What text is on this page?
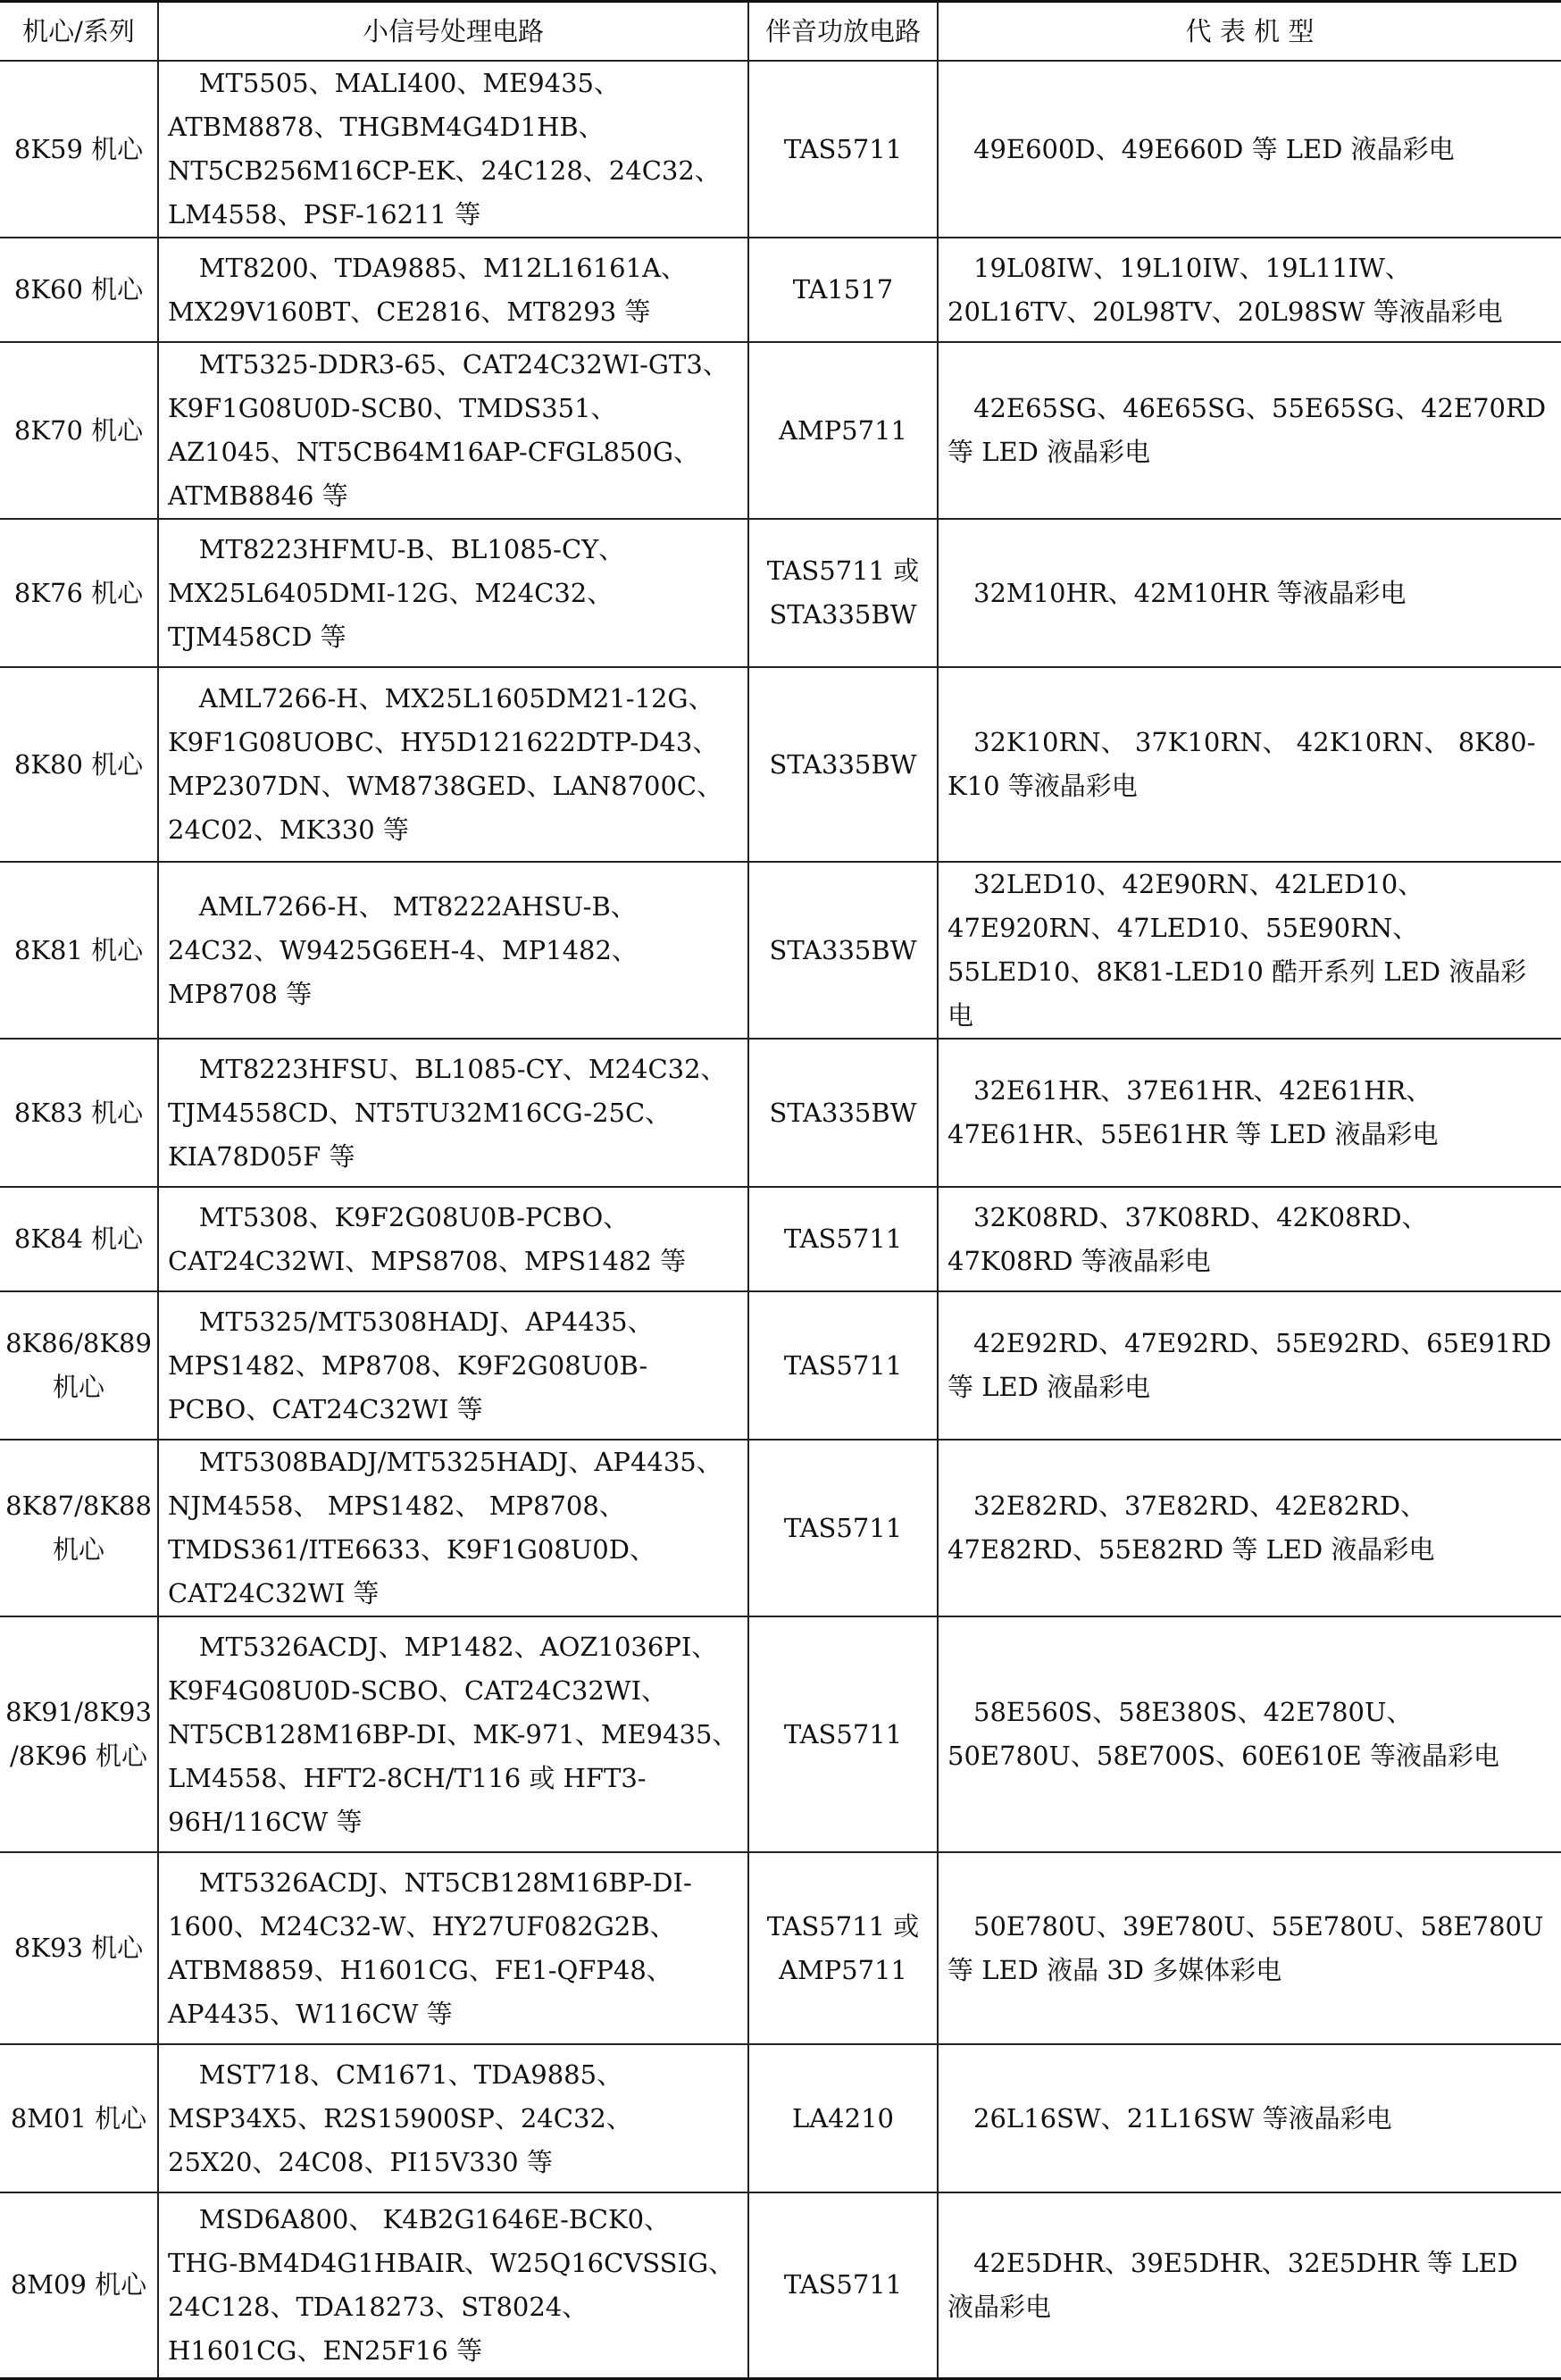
机心/系列	小信号处理电路	伴音功放电路	代 表 机 型
8K59 机心	MT5505、MALI400、ME9435、ATBM8878、THGBM4G4D1HB、 NT5CB256M16CP-EK、24C128、24C32、LM4558、PSF-16211 等	TAS5711	49E600D、49E660D 等 LED 液晶彩电
8K60 机心	MT8200、TDA9885、M12L16161A、MX29V160BT、CE2816、MT8293 等	TA1517	19L08IW、19L10IW、19L11IW、20L16TV、20L98TV、20L98SW 等液晶彩电
8K70 机心	MT5325-DDR3-65、CAT24C32WI-GT3、K9F1G08U0D-SCB0、TMDS351、AZ1045、NT5CB64M16AP-CFGL850G、ATMB8846 等	AMP5711	42E65SG、46E65SG、55E65SG、42E70RD 等 LED 液晶彩电
8K76 机心	MT8223HFMU-B、BL1085-CY、MX25L6405DMI-12G、M24C32、TJM458CD 等	TAS5711 或 STA335BW	32M10HR、42M10HR 等液晶彩电
8K80 机心	AML7266-H、MX25L1605DM21-12G、K9F1G08UOBC、HY5D121622DTP-D43、MP2307DN、WM8738GED、LAN8700C、24C02、MK330 等	STA335BW	32K10RN、 37K10RN、 42K10RN、 8K80-K10 等液晶彩电
8K81 机心	AML7266-H、 MT8222AHSU-B、 24C32、W9425G6EH-4、MP1482、MP8708 等	STA335BW	32LED10、42E90RN、42LED10、47E920RN、47LED10、55E90RN、55LED10、8K81-LED10 酷开系列 LED 液晶彩电
8K83 机心	MT8223HFSU、BL1085-CY、M24C32、TJM4558CD、NT5TU32M16CG-25C、KIA78D05F 等	STA335BW	32E61HR、37E61HR、42E61HR、47E61HR、55E61HR 等 LED 液晶彩电
8K84 机心	MT5308、K9F2G08U0B-PCBO、CAT24C32WI、MPS8708、MPS1482 等	TAS5711	32K08RD、37K08RD、42K08RD、47K08RD 等液晶彩电
8K86/8K89 机心	MT5325/MT5308HADJ、AP4435、MPS1482、MP8708、K9F2G08U0B-PCBO、CAT24C32WI 等	TAS5711	42E92RD、47E92RD、55E92RD、65E91RD 等 LED 液晶彩电
8K87/8K88 机心	MT5308BADJ/MT5325HADJ、AP4435、NJM4558、 MPS1482、 MP8708、 TMDS361/ITE6633、K9F1G08U0D、CAT24C32WI 等	TAS5711	32E82RD、37E82RD、42E82RD、47E82RD、55E82RD 等 LED 液晶彩电
8K91/8K93/8K96 机心	MT5326ACDJ、MP1482、AOZ1036PI、K9F4G08U0D-SCBO、CAT24C32WI、NT5CB128M16BP-DI、MK-971、ME9435、LM4558、HFT2-8CH/T116 或 HFT3-96H/116CW 等	TAS5711	58E560S、58E380S、42E780U、50E780U、58E700S、60E610E 等液晶彩电
8K93 机心	MT5326ACDJ、NT5CB128M16BP-DI-1600、M24C32-W、HY27UF082G2B、ATBM8859、H1601CG、FE1-QFP48、AP4435、W116CW 等	TAS5711 或 AMP5711	50E780U、39E780U、55E780U、58E780U 等 LED 液晶 3D 多媒体彩电
8M01 机心	MST718、CM1671、TDA9885、MSP34X5、R2S15900SP、24C32、25X20、24C08、PI15V330 等	LA4210	26L16SW、21L16SW 等液晶彩电
8M09 机心	MSD6A800、 K4B2G1646E-BCK0、 THG-BM4D4G1HBAIR、W25Q16CVSSIG、24C128、TDA18273、ST8024、H1601CG、EN25F16 等	TAS5711	42E5DHR、39E5DHR、32E5DHR 等 LED 液晶彩电
